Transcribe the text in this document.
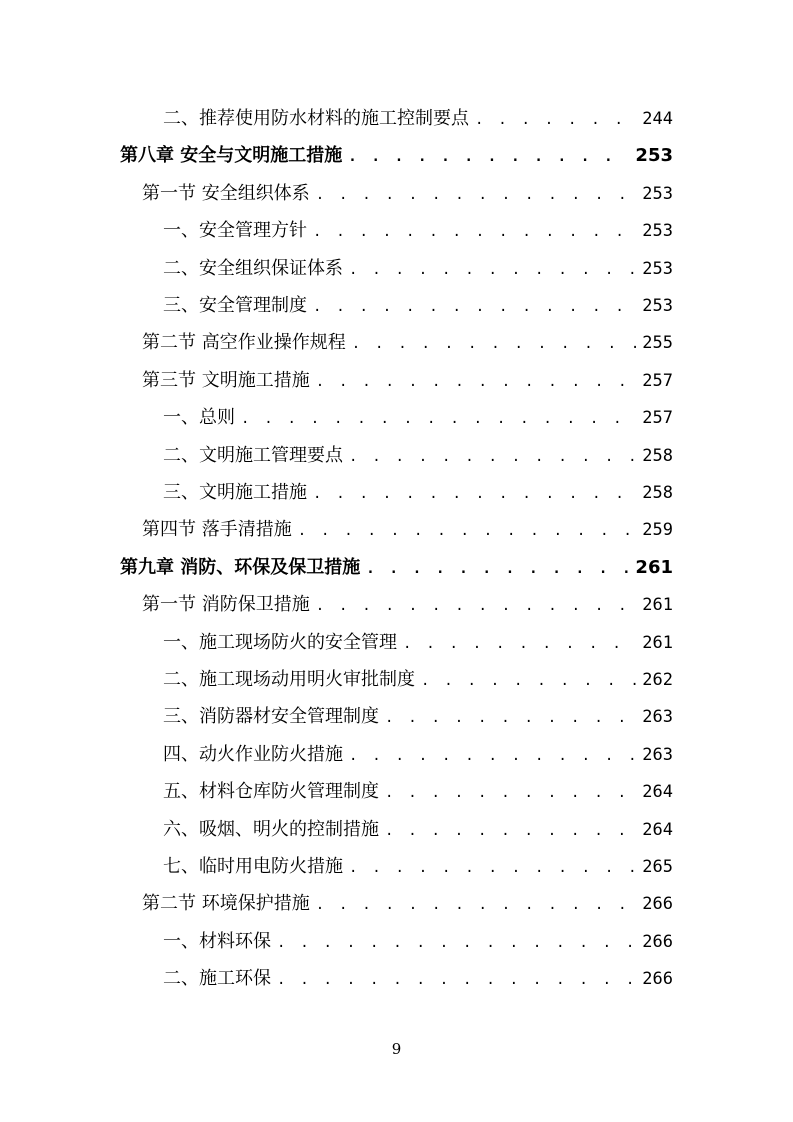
二、推荐使用防水材料的施工控制要点 . . .	244
第八章 安全与文明施工措施 . . .	253
第一节 安全组织体系 . . .	253
一、安全管理方针 . . .	253
二、安全组织保证体系 . . .	253
三、安全管理制度 . . .	253
第二节 高空作业操作规程 . . .	255
第三节 文明施工措施 . . .	257
一、总则 . . .	257
二、文明施工管理要点 . . .	258
三、文明施工措施 . . .	258
第四节 落手清措施 . . .	259
第九章 消防、环保及保卫措施 . . .	261
第一节 消防保卫措施 . . .	261
一、施工现场防火的安全管理 . . .	261
二、施工现场动用明火审批制度 . . .	262
三、消防器材安全管理制度 . . .	263
四、动火作业防火措施 . . .	263
五、材料仓库防火管理制度 . . .	264
六、吸烟、明火的控制措施 . . .	264
七、临时用电防火措施 . . .	265
第二节 环境保护措施 . . .	266
一、材料环保 . . .	266
二、施工环保 . . .	266
9
